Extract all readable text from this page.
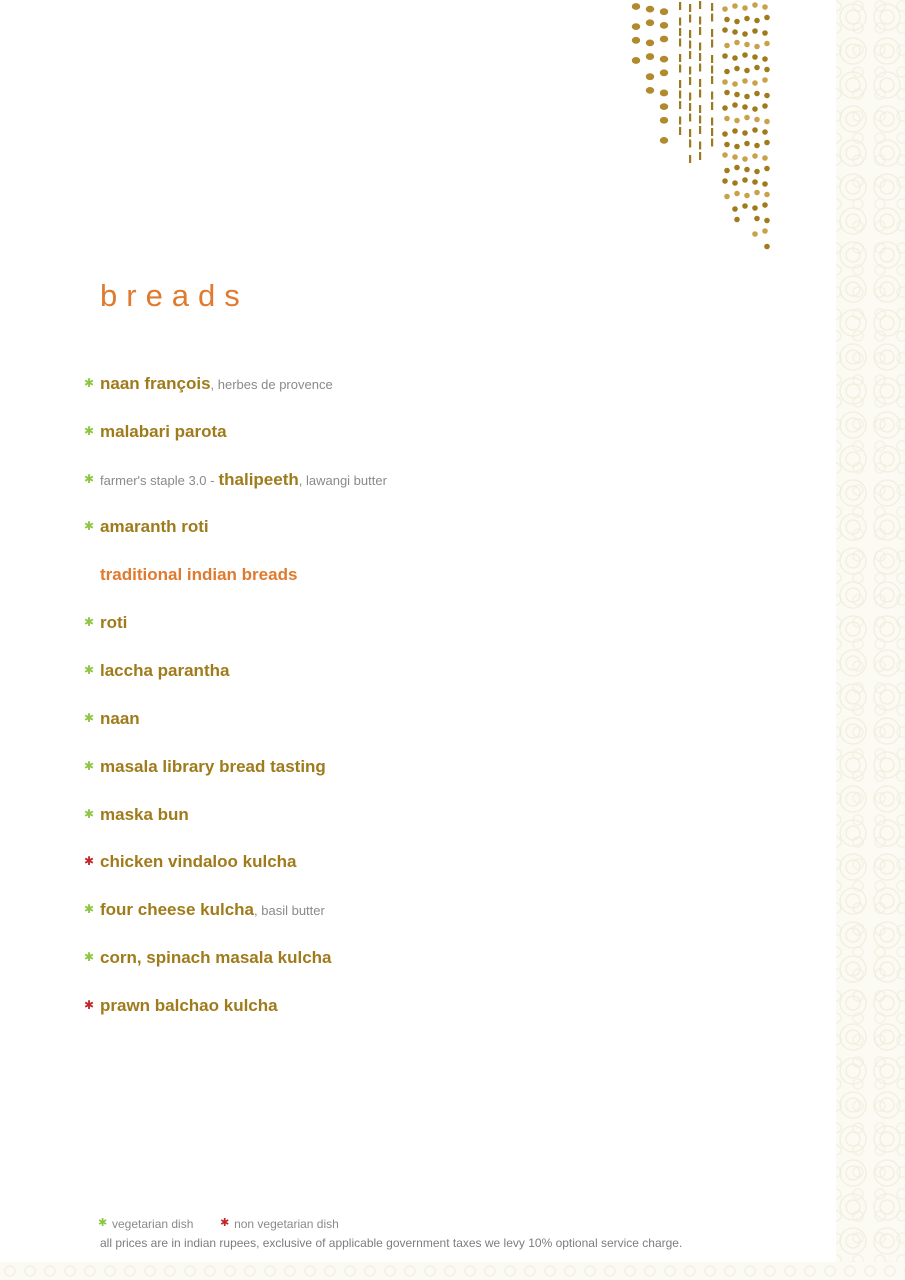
breads
✱ naan françois , herbes de provence
✱ malabari parota
✱ farmer's staple 3.0 - thalipeeth , lawangi butter
✱ amaranth roti
traditional indian breads
✱ roti
✱ laccha parantha
✱ naan
✱ masala library bread tasting
✱ maska bun
✱ chicken vindaloo kulcha
✱ four cheese kulcha , basil butter
✱ corn, spinach masala kulcha
✱ prawn balchao kulcha
✱ vegetarian dish ✱ non vegetarian dish
all prices are in indian rupees, exclusive of applicable government taxes we levy 10% optional service charge.
